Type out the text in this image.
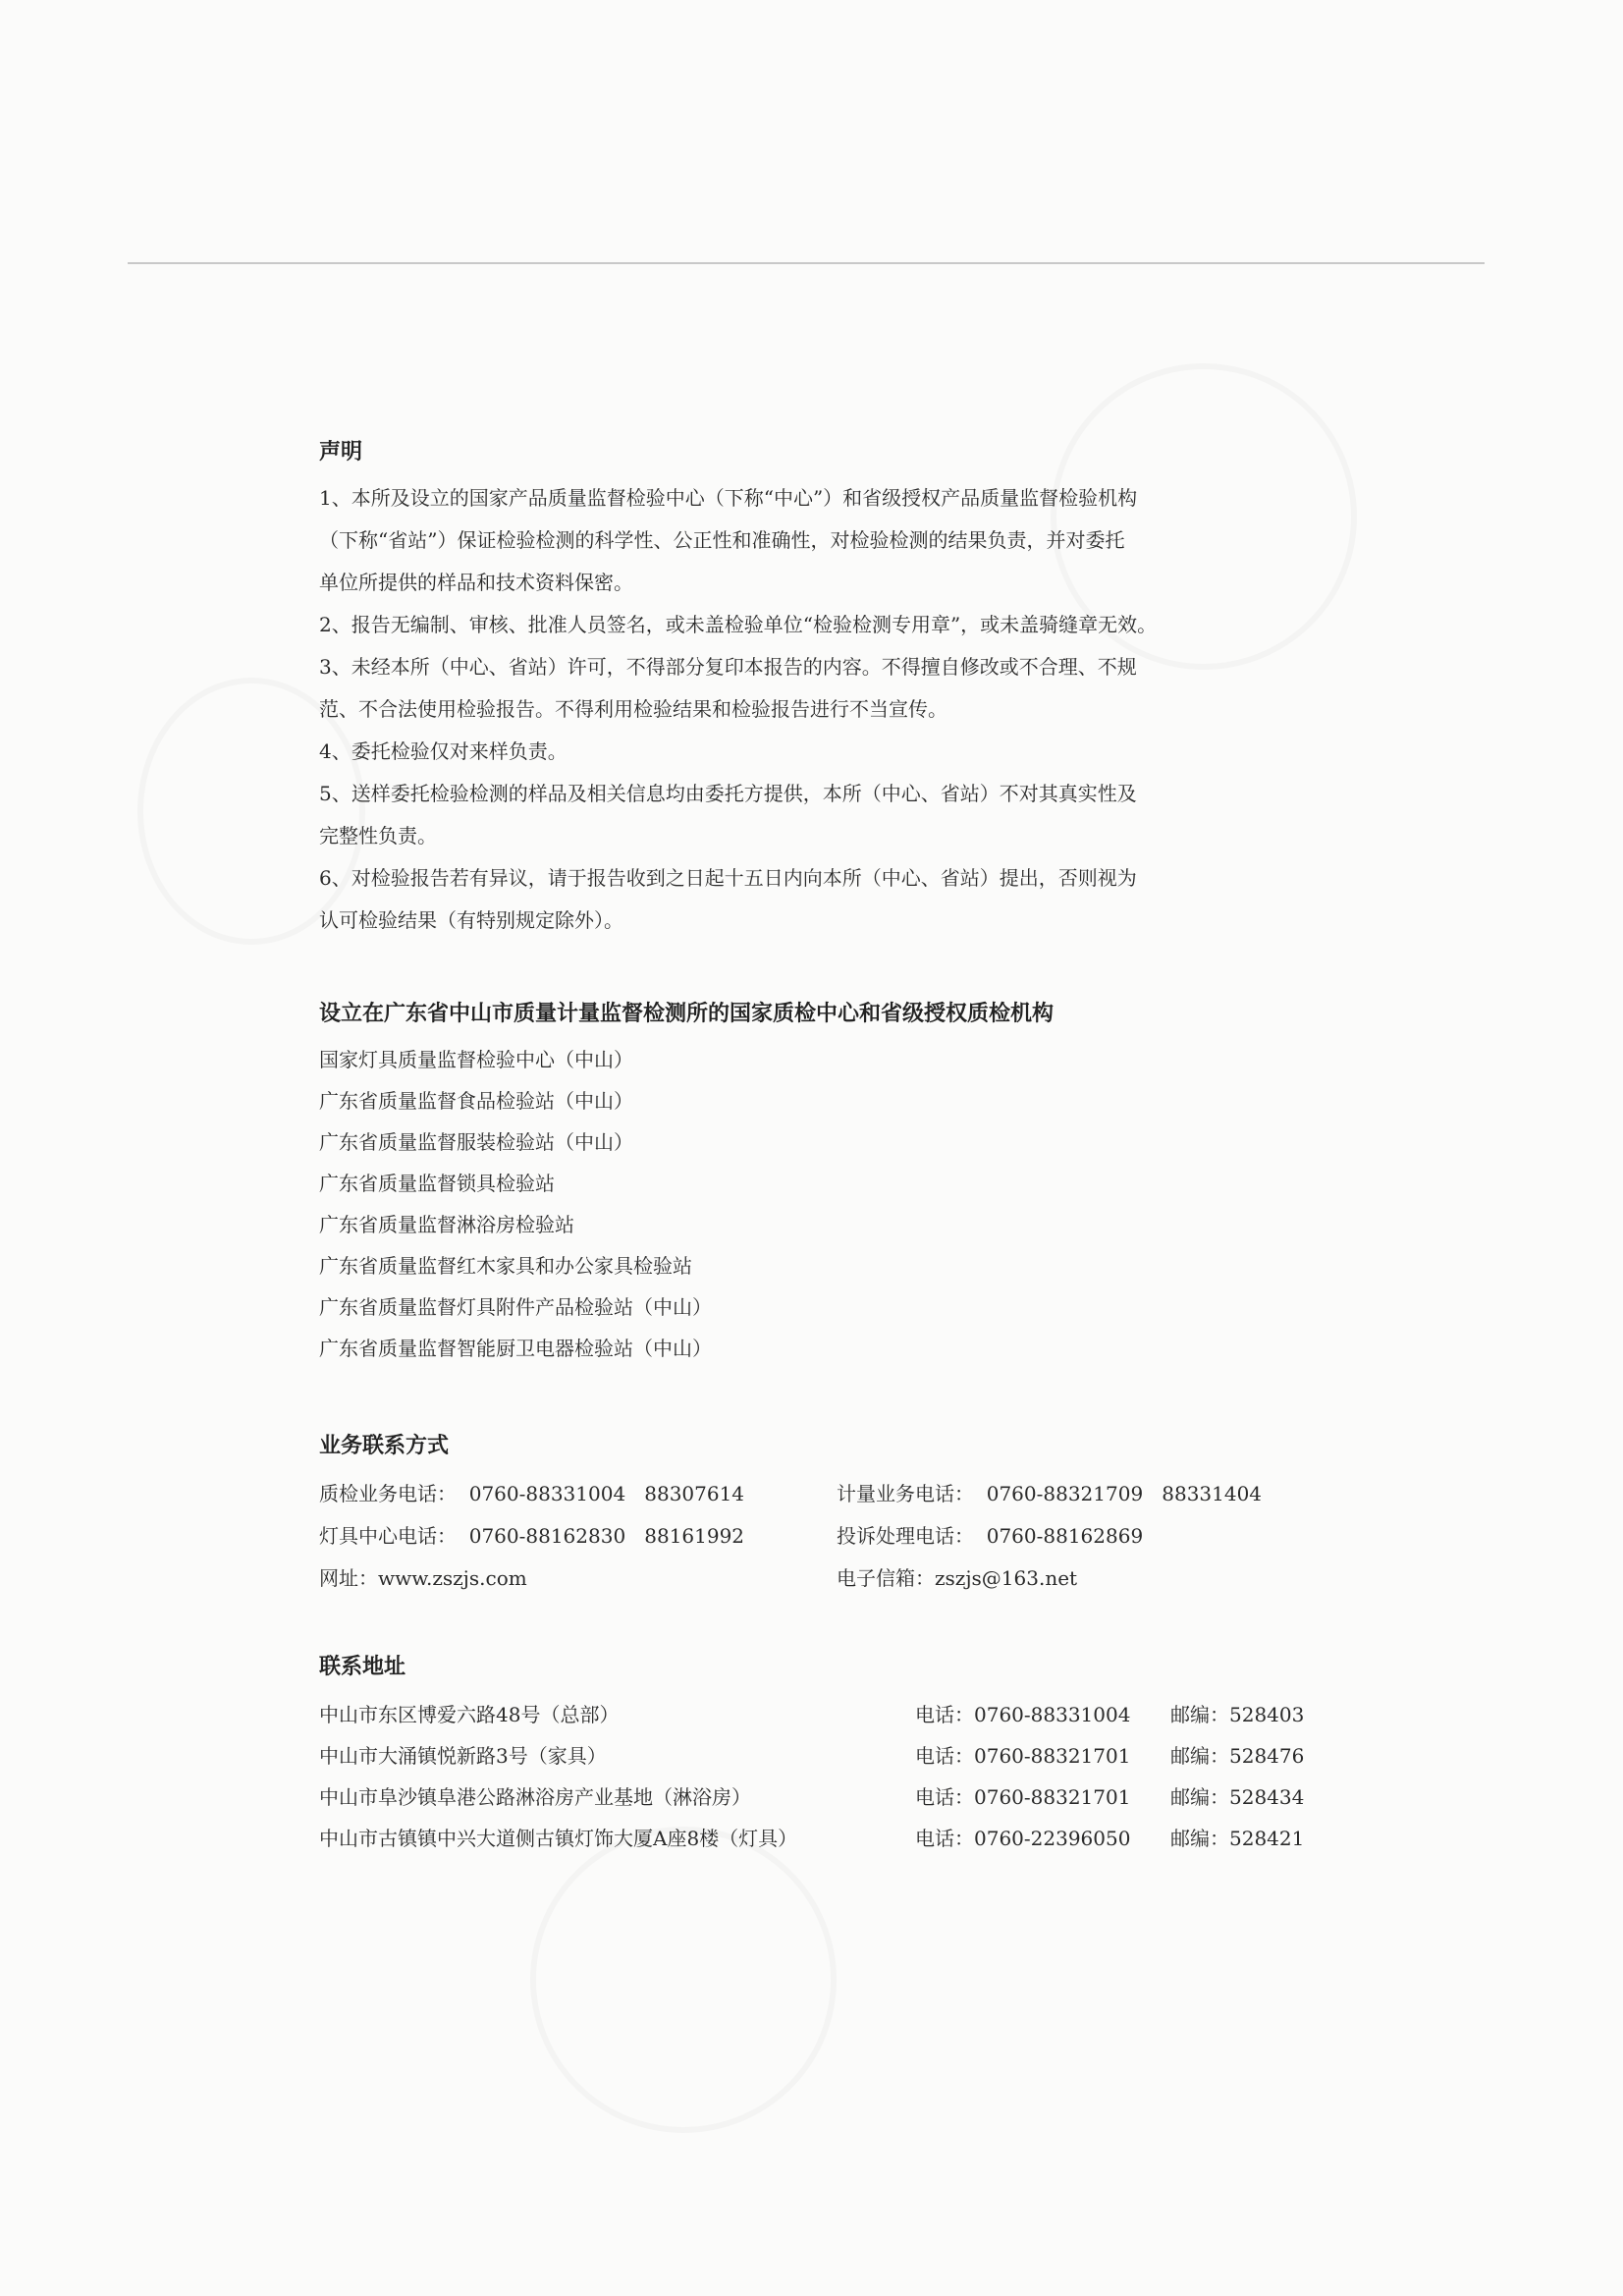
声明

1、本所及设立的国家产品质量监督检验中心（下称“中心”）和省级授权产品质量监督检验机构

（下称“省站”）保证检验检测的科学性、公正性和准确性，对检验检测的结果负责，并对委托

单位所提供的样品和技术资料保密。

2、报告无编制、审核、批准人员签名，或未盖检验单位“检验检测专用章”，或未盖骑缝章无效。

3、未经本所（中心、省站）许可，不得部分复印本报告的内容。不得擅自修改或不合理、不规

范、不合法使用检验报告。不得利用检验结果和检验报告进行不当宣传。

4、委托检验仅对来样负责。

5、送样委托检验检测的样品及相关信息均由委托方提供，本所（中心、省站）不对其真实性及

完整性负责。

6、对检验报告若有异议，请于报告收到之日起十五日内向本所（中心、省站）提出，否则视为

认可检验结果（有特别规定除外）。

设立在广东省中山市质量计量监督检测所的国家质检中心和省级授权质检机构

国家灯具质量监督检验中心（中山）

广东省质量监督食品检验站（中山）

广东省质量监督服装检验站（中山）

广东省质量监督锁具检验站

广东省质量监督淋浴房检验站

广东省质量监督红木家具和办公家具检验站

广东省质量监督灯具附件产品检验站（中山）

广东省质量监督智能厨卫电器检验站（中山）

业务联系方式
质检业务电话：  0760-88331004   88307614	计量业务电话：  0760-88321709   88331404
灯具中心电话：  0760-88162830   88161992	投诉处理电话：  0760-88162869
网址：www.zszjs.com	电子信箱：zszjs@163.net
联系地址
中山市东区博爱六路48号（总部）	电话：0760-88331004	邮编：528403
中山市大涌镇悦新路3号（家具）	电话：0760-88321701	邮编：528476
中山市阜沙镇阜港公路淋浴房产业基地（淋浴房）	电话：0760-88321701	邮编：528434
中山市古镇镇中兴大道侧古镇灯饰大厦A座8楼（灯具）	电话：0760-22396050	邮编：528421
